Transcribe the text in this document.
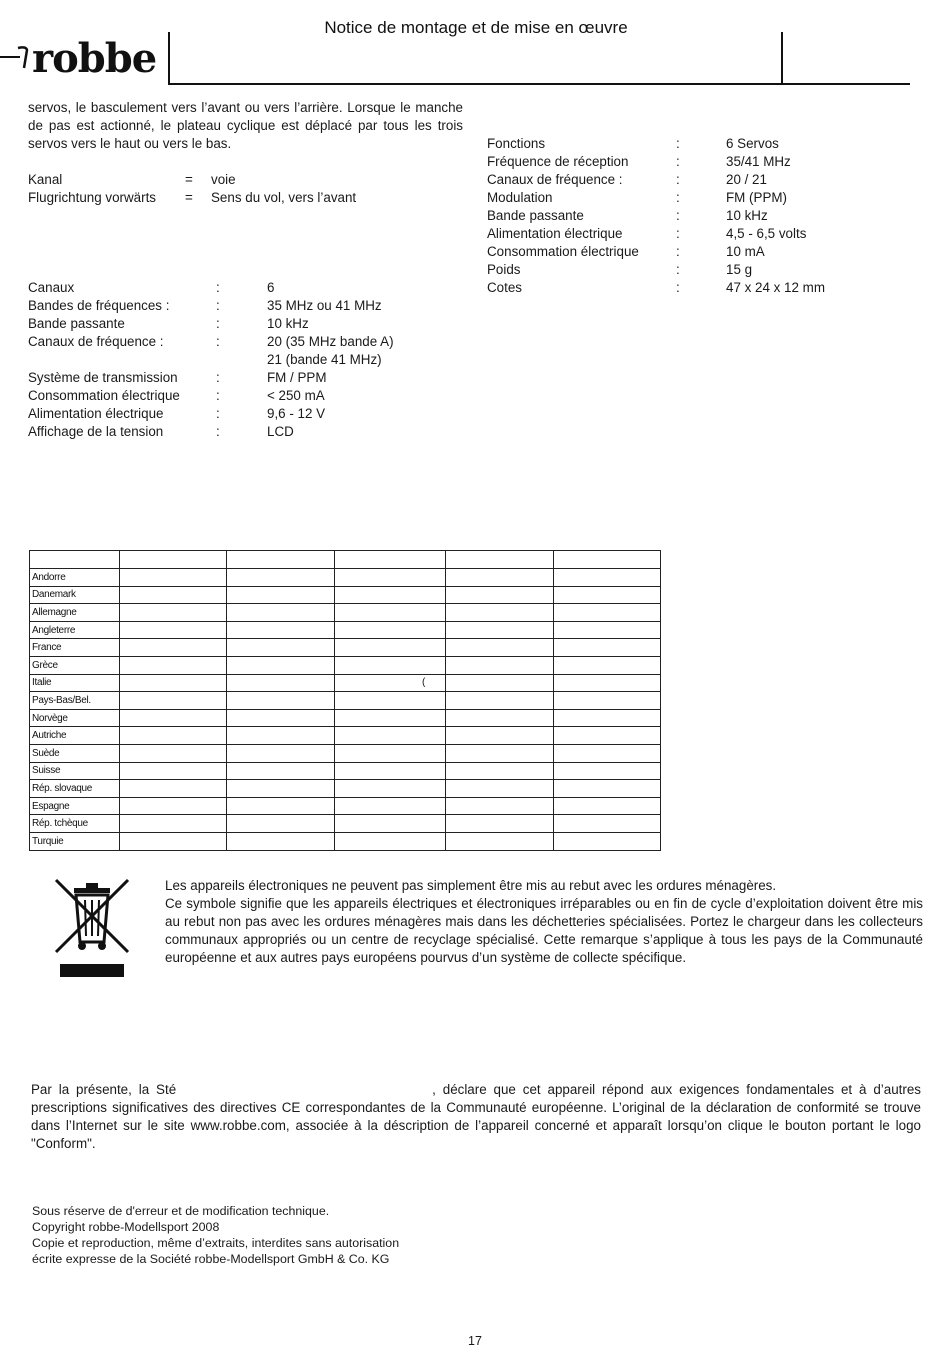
robbe
Notice de montage et de mise en œuvre

servos, le basculement vers l’avant ou vers l’arrière. Lorsque le manche de pas est actionné, le plateau cyclique est déplacé par tous les trois servos vers le haut ou vers le bas.

Kanal	= voie
Flugrichtung vorwärts = Sens du vol, vers l’avant
Canaux	:	6
Bandes de fréquences :	:	35 MHz ou 41 MHz
Bande passante	:	10 kHz
Canaux de fréquence :	:	20 (35 MHz bande A)
21 (bande 41 MHz)
Système de transmission	:	FM / PPM
Consommation électrique	:	< 250 mA
Alimentation électrique	:	9,6 - 12 V
Affichage de la tension	:	LCD
Fonctions	:	6 Servos
Fréquence de réception	:	35/41 MHz
Canaux de fréquence :	:	20 / 21
Modulation	:	FM (PPM)
Bande passante	:	10 kHz
Alimentation électrique	:	4,5 - 6,5 volts
Consommation électrique	:	10 mA
Poids	:	15 g
Cotes	:	47 x 24 x 12 mm

Andorre					
Danemark					
Allemagne					
Angleterre					
France					
Grèce					
Italie			(		
Pays-Bas/Bel.					
Norvège					
Autriche					
Suède					
Suisse					
Rép. slovaque					
Espagne					
Rép. tchèque					
Turquie					

Les appareils électroniques ne peuvent pas simplement être mis au rebut avec les ordures ménagères.

Ce symbole signifie que les appareils électriques et électroniques irréparables ou en fin de cycle d’exploitation doivent être mis au rebut non pas avec les ordures ménagères mais dans les déchetteries spécialisées. Portez le chargeur dans les collecteurs communaux appropriés ou un centre de recyclage spécialisé. Cette remarque s’applique à tous les pays de la Communauté européenne et aux autres pays européens pourvus d’un système de collecte spécifique.

Par la présente, la Sté	, déclare que cet appareil répond aux exigences fondamentales et à d’autres prescriptions significatives des directives CE correspondantes de la Communauté européenne. L’original de la déclaration de conformité se trouve dans l’Internet sur le site www.robbe.com, associée à la déscription de l’appareil concerné et apparaît lorsqu’on clique le bouton portant le logo "Conform".

Sous réserve de d'erreur et de modification technique.
Copyright robbe-Modellsport 2008
Copie et reproduction, même d’extraits, interdites sans autorisation
écrite expresse de la Société robbe-Modellsport GmbH & Co. KG
17
